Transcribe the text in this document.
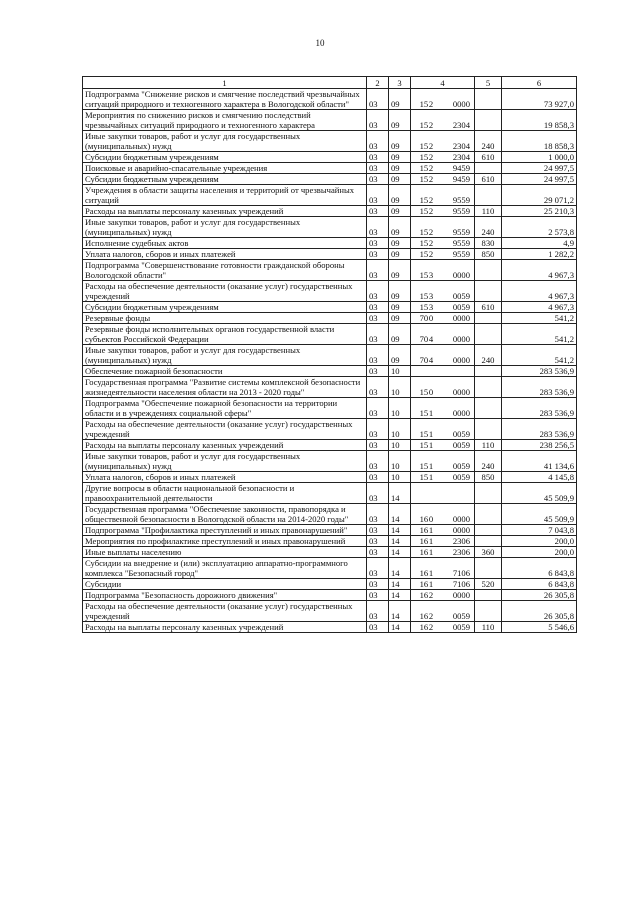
10
1	2	3	4	5	6
Подпрограмма "Снижение рисков и смягчение последствий чрезвычайных ситуаций природного и техногенного характера в Вологодской области"	03	09	15 2 0000		73 927,0
Мероприятия по снижению рисков и смягчению последствий чрезвычайных ситуаций природного и техногенного характера	03	09	15 2 2304		19 858,3
Иные закупки товаров, работ и услуг для государственных (муниципальных) нужд	03	09	15 2 2304	240	18 858,3
Субсидии бюджетным учреждениям	03	09	15 2 2304	610	1 000,0
Поисковые и аварийно-спасательные учреждения	03	09	15 2 9459		24 997,5
Субсидии бюджетным учреждениям	03	09	15 2 9459	610	24 997,5
Учреждения в области защиты населения и территорий от чрезвычайных ситуаций	03	09	15 2 9559		29 071,2
Расходы на выплаты персоналу казенных учреждений	03	09	15 2 9559	110	25 210,3
Иные закупки товаров, работ и услуг для государственных (муниципальных) нужд	03	09	15 2 9559	240	2 573,8
Исполнение судебных актов	03	09	15 2 9559	830	4,9
Уплата налогов, сборов и иных платежей	03	09	15 2 9559	850	1 282,2
Подпрограмма "Совершенствование готовности гражданской обороны Вологодской области"	03	09	15 3 0000		4 967,3
Расходы на обеспечение деятельности (оказание услуг) государственных учреждений	03	09	15 3 0059		4 967,3
Субсидии бюджетным учреждениям	03	09	15 3 0059	610	4 967,3
Резервные фонды	03	09	70 0 0000		541,2
Резервные фонды исполнительных органов государственной власти субъектов Российской Федерации	03	09	70 4 0000		541,2
Иные закупки товаров, работ и услуг для государственных (муниципальных) нужд	03	09	70 4 0000	240	541,2
Обеспечение пожарной безопасности	03	10			283 536,9
Государственная программа "Развитие системы комплексной безопасности жизнедеятельности населения области на 2013 - 2020 годы"	03	10	15 0 0000		283 536,9
Подпрограмма "Обеспечение пожарной безопасности на территории области и в учреждениях социальной сферы"	03	10	15 1 0000		283 536,9
Расходы на обеспечение деятельности (оказание услуг) государственных учреждений	03	10	15 1 0059		283 536,9
Расходы на выплаты персоналу казенных учреждений	03	10	15 1 0059	110	238 256,5
Иные закупки товаров, работ и услуг для государственных (муниципальных) нужд	03	10	15 1 0059	240	41 134,6
Уплата налогов, сборов и иных платежей	03	10	15 1 0059	850	4 145,8
Другие вопросы в области национальной безопасности и правоохранительной деятельности	03	14			45 509,9
Государственная программа "Обеспечение законности, правопорядка и общественной безопасности в Вологодской области на 2014-2020 годы"	03	14	16 0 0000		45 509,9
Подпрограмма "Профилактика преступлений и иных правонарушений"	03	14	16 1 0000		7 043,8
Мероприятия по профилактике преступлений и иных правонарушений	03	14	16 1 2306		200,0
Иные выплаты населению	03	14	16 1 2306	360	200,0
Субсидии на внедрение и (или) эксплуатацию аппаратно-программного комплекса "Безопасный город"	03	14	16 1 7106		6 843,8
Субсидии	03	14	16 1 7106	520	6 843,8
Подпрограмма "Безопасность дорожного движения"	03	14	16 2 0000		26 305,8
Расходы на обеспечение деятельности (оказание услуг) государственных учреждений	03	14	16 2 0059		26 305,8
Расходы на выплаты персоналу казенных учреждений	03	14	16 2 0059	110	5 546,6
